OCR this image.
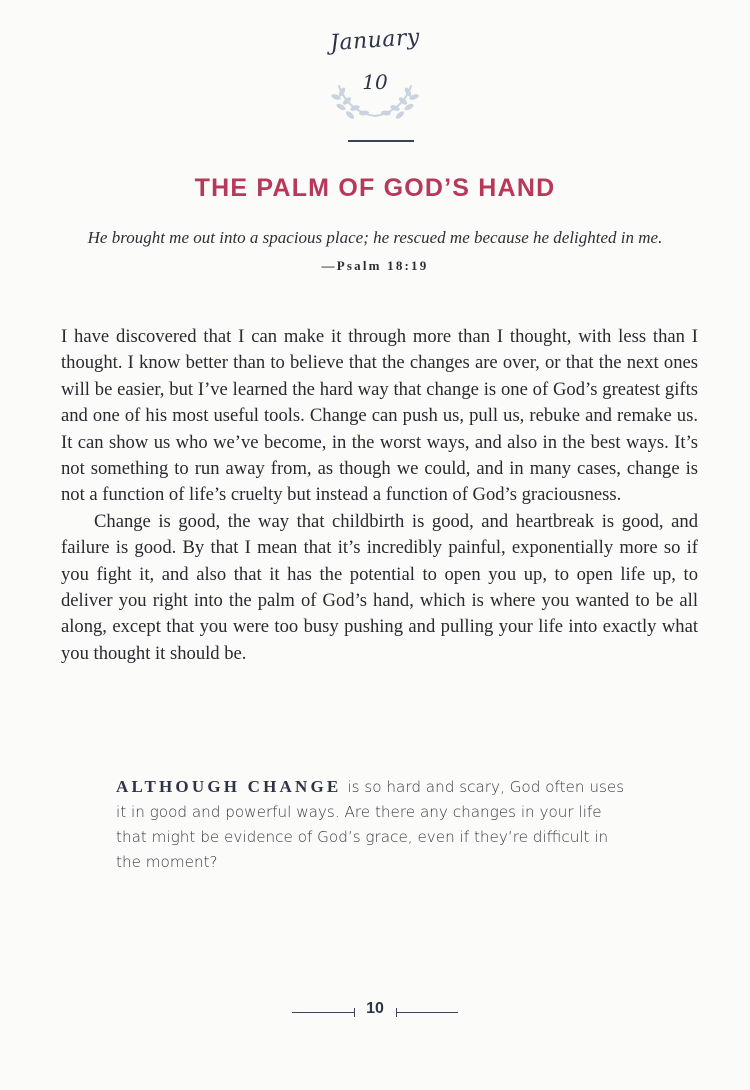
January
10
THE PALM OF GOD’S HAND
He brought me out into a spacious place; he rescued me because he delighted in me.
—Psalm 18:19

I have discovered that I can make it through more than I thought, with less than I thought. I know better than to believe that the changes are over, or that the next ones will be easier, but I’ve learned the hard way that change is one of God’s greatest gifts and one of his most useful tools. Change can push us, pull us, rebuke and remake us. It can show us who we’ve become, in the worst ways, and also in the best ways. It’s not something to run away from, as though we could, and in many cases, change is not a function of life’s cruelty but instead a function of God’s graciousness.

Change is good, the way that childbirth is good, and heartbreak is good, and failure is good. By that I mean that it’s incredibly painful, exponentially more so if you fight it, and also that it has the potential to open you up, to open life up, to deliver you right into the palm of God’s hand, which is where you wanted to be all along, except that you were too busy pushing and pulling your life into exactly what you thought it should be.

ALTHOUGH CHANGE is so hard and scary, God often uses it in good and powerful ways. Are there any changes in your life that might be evidence of God’s grace, even if they’re difficult in the moment?
10
